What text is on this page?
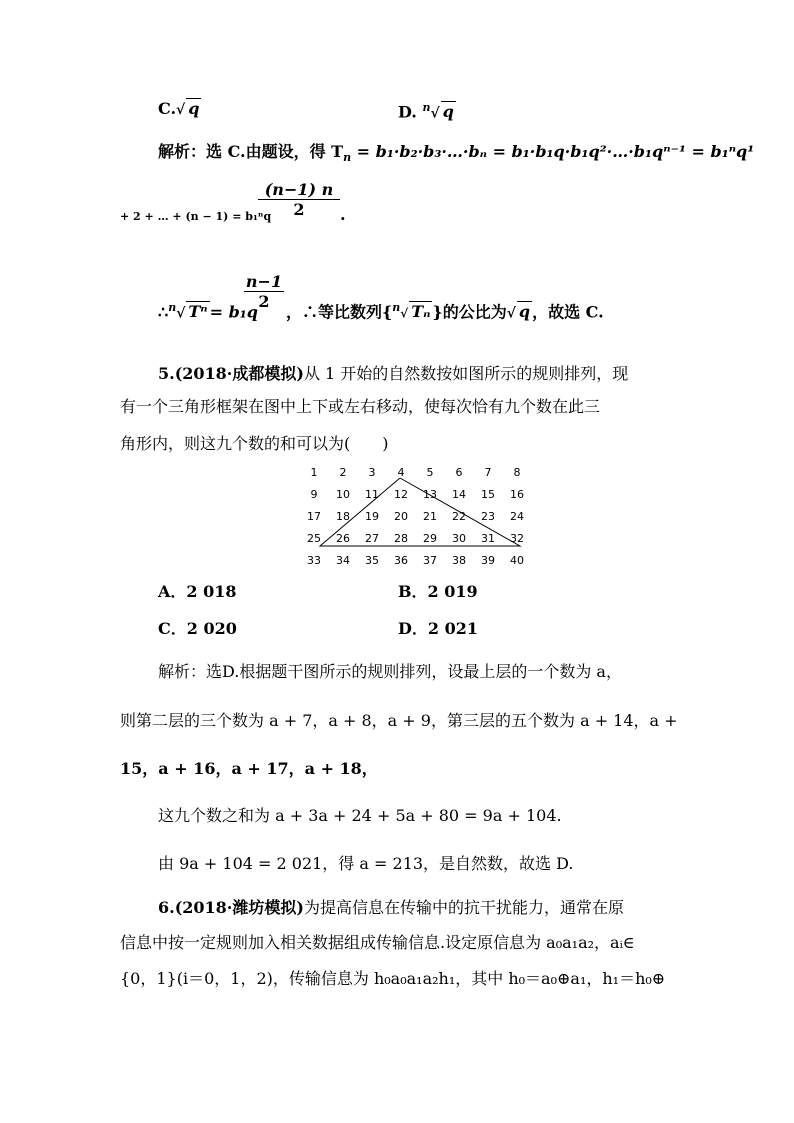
C.√ q	D. $^n$√ q
解析：选 C.由题设，得 $T_n$ = b₁·b₂·b₃·…·bₙ = b₁·b₁q·b₁q²·…·b₁qⁿ⁻¹ = b₁ⁿq¹
+ 2 + … + (n − 1) = b₁ⁿq
(n−1) n
2	.
∴$^n$√ Tⁿ = b₁q
n−1
2
，∴等比数列{$^n$√ Tₙ }的公比为√ q ，故选 C.
5.(2018·成都模拟)从 1 开始的自然数按如图所示的规则排列，现
有一个三角形框架在图中上下或左右移动，使每次恰有九个数在此三
角形内，则这九个数的和可以为(　　)
1	2	3	4	5	6	7	8
9	10	11	12	13	14	15	16
17	18	19	20	21	22	23	24
25	26	27	28	29	30	31	32
33	34	35	36	37	38	39	40
A．2 018	B．2 019
C．2 020	D．2 021
解析：选D.根据题干图所示的规则排列，设最上层的一个数为 a，
则第二层的三个数为 a + 7，a + 8，a + 9，第三层的五个数为 a + 14，a +
15，a + 16，a + 17，a + 18，
这九个数之和为 a + 3a + 24 + 5a + 80 = 9a + 104.
由 9a + 104 = 2 021，得 a = 213，是自然数，故选 D.
6.(2018·潍坊模拟)为提高信息在传输中的抗干扰能力，通常在原
信息中按一定规则加入相关数据组成传输信息.设定原信息为 a₀a₁a₂，aᵢ∈
{0，1}(i＝0，1，2)，传输信息为 h₀a₀a₁a₂h₁，其中 h₀＝a₀⊕a₁，h₁＝h₀⊕
